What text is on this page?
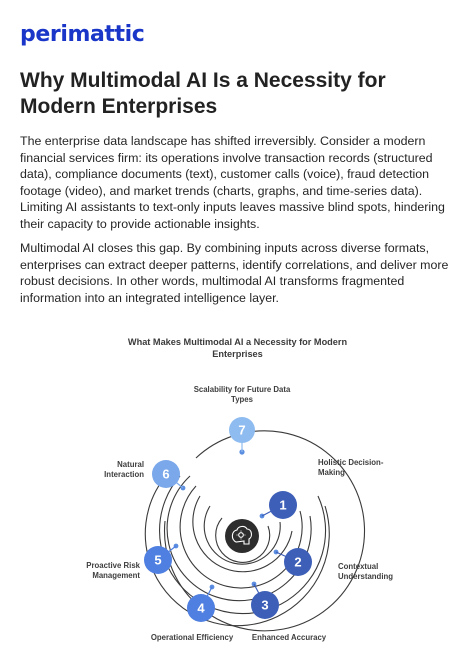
perimattic
Why Multimodal AI Is a Necessity for Modern Enterprises

The enterprise data landscape has shifted irreversibly. Consider a modern financial services firm: its operations involve transaction records (structured data), compliance documents (text), customer calls (voice), fraud detection footage (video), and market trends (charts, graphs, and time-series data). Limiting AI assistants to text-only inputs leaves massive blind spots, hindering their capacity to provide actionable insights.

Multimodal AI closes this gap. By combining inputs across diverse formats, enterprises can extract deeper patterns, identify correlations, and deliver more robust decisions. In other words, multimodal AI transforms fragmented information into an integrated intelligence layer.

7
6
5
4	3
2
1
What Makes Multimodal AI a Necessity for Modern Enterprises
Scalability for Future Data Types
Natural Interaction
Holistic Decision-Making
Contextual Understanding
Proactive Risk Management
Operational Efficiency	Enhanced Accuracy
